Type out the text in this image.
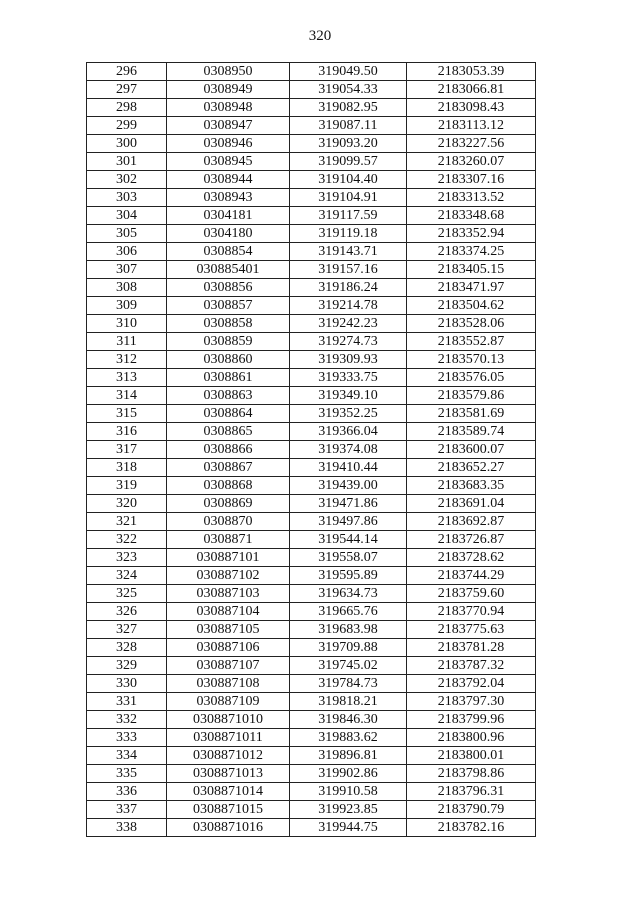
320
296	0308950	319049.50	2183053.39
297	0308949	319054.33	2183066.81
298	0308948	319082.95	2183098.43
299	0308947	319087.11	2183113.12
300	0308946	319093.20	2183227.56
301	0308945	319099.57	2183260.07
302	0308944	319104.40	2183307.16
303	0308943	319104.91	2183313.52
304	0304181	319117.59	2183348.68
305	0304180	319119.18	2183352.94
306	0308854	319143.71	2183374.25
307	030885401	319157.16	2183405.15
308	0308856	319186.24	2183471.97
309	0308857	319214.78	2183504.62
310	0308858	319242.23	2183528.06
311	0308859	319274.73	2183552.87
312	0308860	319309.93	2183570.13
313	0308861	319333.75	2183576.05
314	0308863	319349.10	2183579.86
315	0308864	319352.25	2183581.69
316	0308865	319366.04	2183589.74
317	0308866	319374.08	2183600.07
318	0308867	319410.44	2183652.27
319	0308868	319439.00	2183683.35
320	0308869	319471.86	2183691.04
321	0308870	319497.86	2183692.87
322	0308871	319544.14	2183726.87
323	030887101	319558.07	2183728.62
324	030887102	319595.89	2183744.29
325	030887103	319634.73	2183759.60
326	030887104	319665.76	2183770.94
327	030887105	319683.98	2183775.63
328	030887106	319709.88	2183781.28
329	030887107	319745.02	2183787.32
330	030887108	319784.73	2183792.04
331	030887109	319818.21	2183797.30
332	0308871010	319846.30	2183799.96
333	0308871011	319883.62	2183800.96
334	0308871012	319896.81	2183800.01
335	0308871013	319902.86	2183798.86
336	0308871014	319910.58	2183796.31
337	0308871015	319923.85	2183790.79
338	0308871016	319944.75	2183782.16
